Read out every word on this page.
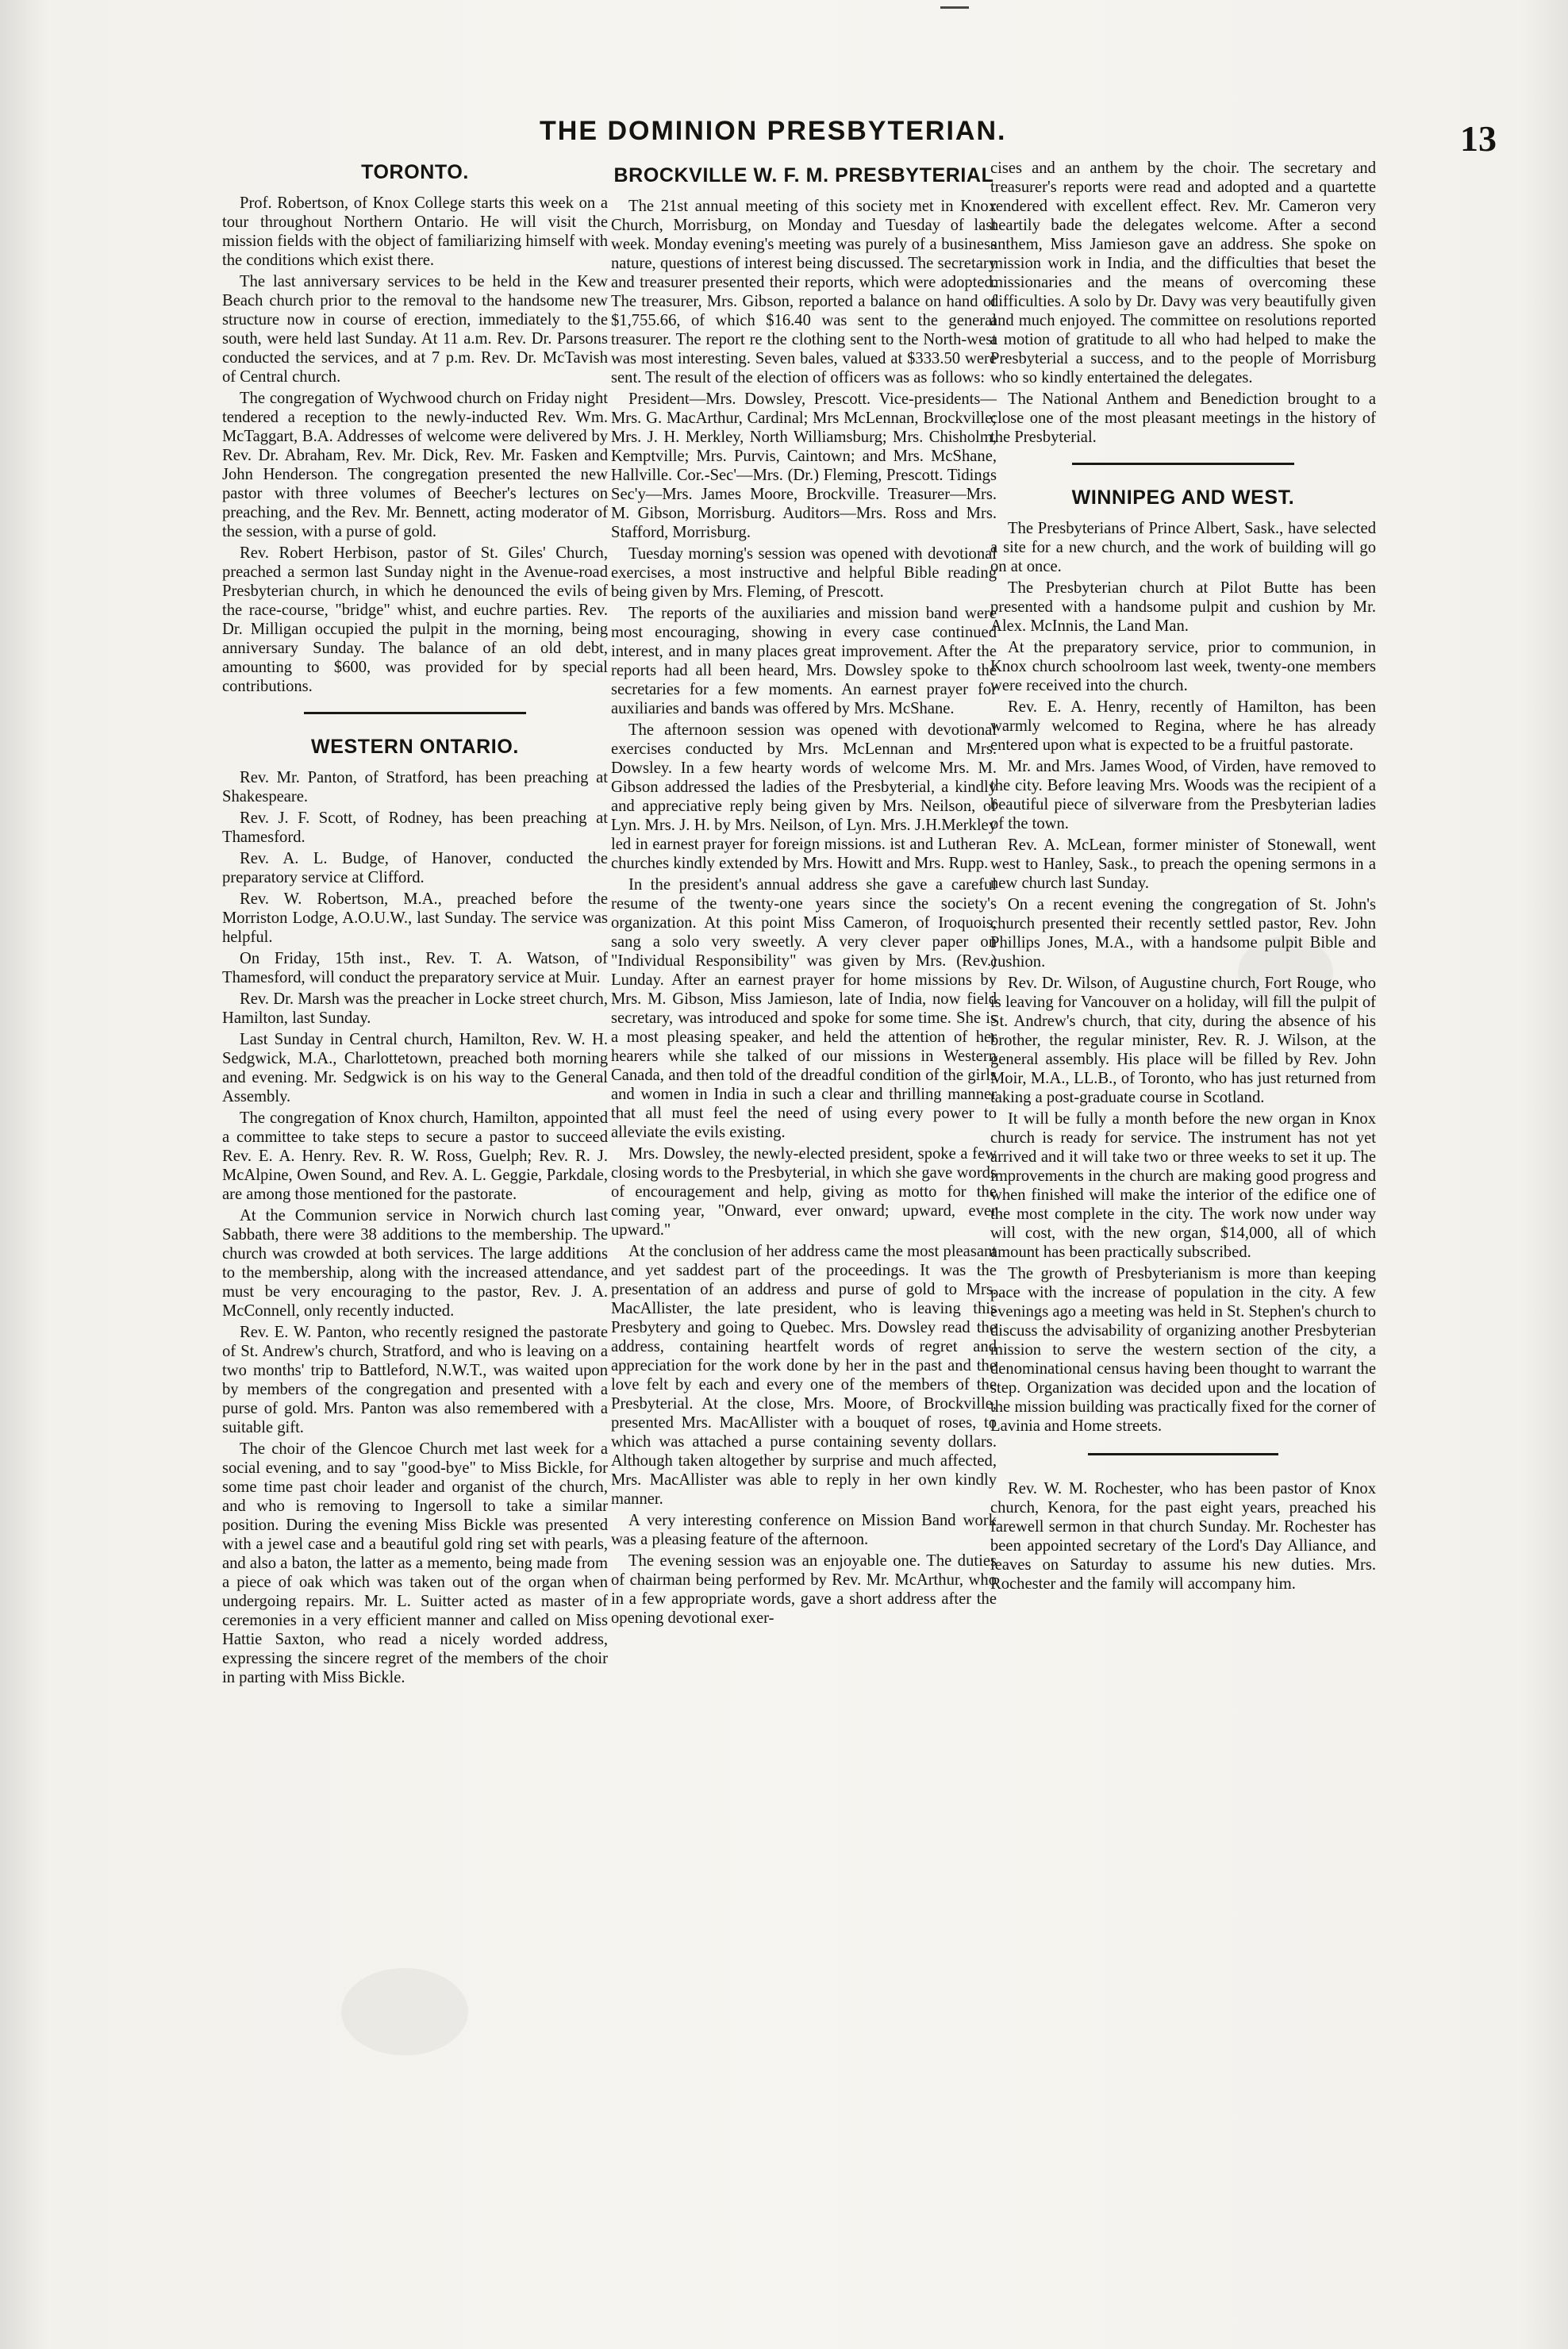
THE DOMINION PRESBYTERIAN.	13
TORONTO.

Prof. Robertson, of Knox College starts this week on a tour throughout Northern Ontario. He will visit the mission fields with the object of familiarizing himself with the conditions which exist there.

The last anniversary services to be held in the Kew Beach church prior to the removal to the handsome new structure now in course of erection, immediately to the south, were held last Sunday. At 11 a.m. Rev. Dr. Parsons conducted the services, and at 7 p.m. Rev. Dr. McTavish of Central church.

The congregation of Wychwood church on Friday night tendered a reception to the newly-inducted Rev. Wm. McTaggart, B.A. Addresses of welcome were delivered by Rev. Dr. Abraham, Rev. Mr. Dick, Rev. Mr. Fasken and John Henderson. The congregation presented the new pastor with three volumes of Beecher's lectures on preaching, and the Rev. Mr. Bennett, acting moderator of the session, with a purse of gold.

Rev. Robert Herbison, pastor of St. Giles' Church, preached a sermon last Sunday night in the Avenue-road Presbyterian church, in which he denounced the evils of the race-course, "bridge" whist, and euchre parties. Rev. Dr. Milligan occupied the pulpit in the morning, being anniversary Sunday. The balance of an old debt, amounting to $600, was provided for by special contributions.

WESTERN ONTARIO.

Rev. Mr. Panton, of Stratford, has been preaching at Shakespeare.

Rev. J. F. Scott, of Rodney, has been preaching at Thamesford.

Rev. A. L. Budge, of Hanover, conducted the preparatory service at Clifford.

Rev. W. Robertson, M.A., preached before the Morriston Lodge, A.O.U.W., last Sunday. The service was helpful.

On Friday, 15th inst., Rev. T. A. Watson, of Thamesford, will conduct the preparatory service at Muir.

Rev. Dr. Marsh was the preacher in Locke street church, Hamilton, last Sunday.

Last Sunday in Central church, Hamilton, Rev. W. H. Sedgwick, M.A., Charlottetown, preached both morning and evening. Mr. Sedgwick is on his way to the General Assembly.

The congregation of Knox church, Hamilton, appointed a committee to take steps to secure a pastor to succeed Rev. E. A. Henry. Rev. R. W. Ross, Guelph; Rev. R. J. McAlpine, Owen Sound, and Rev. A. L. Geggie, Parkdale, are among those mentioned for the pastorate.

At the Communion service in Norwich church last Sabbath, there were 38 additions to the membership. The church was crowded at both services. The large additions to the membership, along with the increased attendance, must be very encouraging to the pastor, Rev. J. A. McConnell, only recently inducted.

Rev. E. W. Panton, who recently resigned the pastorate of St. Andrew's church, Stratford, and who is leaving on a two months' trip to Battleford, N.W.T., was waited upon by members of the congregation and presented with a purse of gold. Mrs. Panton was also remembered with a suitable gift.

The choir of the Glencoe Church met last week for a social evening, and to say "good-bye" to Miss Bickle, for some time past choir leader and organist of the church, and who is removing to Ingersoll to take a similar position. During the evening Miss Bickle was presented with a jewel case and a beautiful gold ring set with pearls, and also a baton, the latter as a memento, being made from a piece of oak which was taken out of the organ when undergoing repairs. Mr. L. Suitter acted as master of ceremonies in a very efficient manner and called on Miss Hattie Saxton, who read a nicely worded address, expressing the sincere regret of the members of the choir in parting with Miss Bickle.

BROCKVILLE W. F. M. PRESBYTERIAL

The 21st annual meeting of this society met in Knox Church, Morrisburg, on Monday and Tuesday of last week. Monday evening's meeting was purely of a business nature, questions of interest being discussed. The secretary and treasurer presented their reports, which were adopted. The treasurer, Mrs. Gibson, reported a balance on hand of $1,755.66, of which $16.40 was sent to the general treasurer. The report re the clothing sent to the North-west was most interesting. Seven bales, valued at $333.50 were sent. The result of the election of officers was as follows:

President—Mrs. Dowsley, Prescott. Vice-presidents—Mrs. G. MacArthur, Cardinal; Mrs McLennan, Brockville; Mrs. J. H. Merkley, North Williamsburg; Mrs. Chisholm, Kemptville; Mrs. Purvis, Caintown; and Mrs. McShane, Hallville. Cor.-Sec'—Mrs. (Dr.) Fleming, Prescott. Tidings Sec'y—Mrs. James Moore, Brockville. Treasurer—Mrs. M. Gibson, Morrisburg. Auditors—Mrs. Ross and Mrs. Stafford, Morrisburg.

Tuesday morning's session was opened with devotional exercises, a most instructive and helpful Bible reading being given by Mrs. Fleming, of Prescott.

The reports of the auxiliaries and mission band were most encouraging, showing in every case continued interest, and in many places great improvement. After the reports had all been heard, Mrs. Dowsley spoke to the secretaries for a few moments. An earnest prayer for auxiliaries and bands was offered by Mrs. McShane.

The afternoon session was opened with devotional exercises conducted by Mrs. McLennan and Mrs. Dowsley. In a few hearty words of welcome Mrs. M. Gibson addressed the ladies of the Presbyterial, a kindly and appreciative reply being given by Mrs. Neilson, of Lyn. Mrs. J. H. by Mrs. Neilson, of Lyn. Mrs. J.H.Merkley led in earnest prayer for foreign missions. ist and Lutheran churches kindly extended by Mrs. Howitt and Mrs. Rupp.

In the president's annual address she gave a careful resume of the twenty-one years since the society's organization. At this point Miss Cameron, of Iroquois, sang a solo very sweetly. A very clever paper on "Individual Responsibility" was given by Mrs. (Rev.) Lunday. After an earnest prayer for home missions by Mrs. M. Gibson, Miss Jamieson, late of India, now field secretary, was introduced and spoke for some time. She is a most pleasing speaker, and held the attention of her hearers while she talked of our missions in Western Canada, and then told of the dreadful condition of the girls and women in India in such a clear and thrilling manner that all must feel the need of using every power to alleviate the evils existing.

Mrs. Dowsley, the newly-elected president, spoke a few closing words to the Presbyterial, in which she gave words of encouragement and help, giving as motto for the coming year, "Onward, ever onward; upward, ever upward."

At the conclusion of her address came the most pleasant and yet saddest part of the proceedings. It was the presentation of an address and purse of gold to Mrs. MacAllister, the late president, who is leaving this Presbytery and going to Quebec. Mrs. Dowsley read the address, containing heartfelt words of regret and appreciation for the work done by her in the past and the love felt by each and every one of the members of the Presbyterial. At the close, Mrs. Moore, of Brockville, presented Mrs. MacAllister with a bouquet of roses, to which was attached a purse containing seventy dollars. Although taken altogether by surprise and much affected, Mrs. MacAllister was able to reply in her own kindly manner.

A very interesting conference on Mission Band work was a pleasing feature of the afternoon.

The evening session was an enjoyable one. The duties of chairman being performed by Rev. Mr. McArthur, who in a few appropriate words, gave a short address after the opening devotional exer-

cises and an anthem by the choir. The secretary and treasurer's reports were read and adopted and a quartette rendered with excellent effect. Rev. Mr. Cameron very heartily bade the delegates welcome. After a second anthem, Miss Jamieson gave an address. She spoke on mission work in India, and the difficulties that beset the missionaries and the means of overcoming these difficulties. A solo by Dr. Davy was very beautifully given and much enjoyed. The committee on resolutions reported a motion of gratitude to all who had helped to make the Presbyterial a success, and to the people of Morrisburg who so kindly entertained the delegates.

The National Anthem and Benediction brought to a close one of the most pleasant meetings in the history of the Presbyterial.

WINNIPEG AND WEST.

The Presbyterians of Prince Albert, Sask., have selected a site for a new church, and the work of building will go on at once.

The Presbyterian church at Pilot Butte has been presented with a handsome pulpit and cushion by Mr. Alex. McInnis, the Land Man.

At the preparatory service, prior to communion, in Knox church schoolroom last week, twenty-one members were received into the church.

Rev. E. A. Henry, recently of Hamilton, has been warmly welcomed to Regina, where he has already entered upon what is expected to be a fruitful pastorate.

Mr. and Mrs. James Wood, of Virden, have removed to the city. Before leaving Mrs. Woods was the recipient of a beautiful piece of silverware from the Presbyterian ladies of the town.

Rev. A. McLean, former minister of Stonewall, went west to Hanley, Sask., to preach the opening sermons in a new church last Sunday.

On a recent evening the congregation of St. John's church presented their recently settled pastor, Rev. John Phillips Jones, M.A., with a handsome pulpit Bible and cushion.

Rev. Dr. Wilson, of Augustine church, Fort Rouge, who is leaving for Vancouver on a holiday, will fill the pulpit of St. Andrew's church, that city, during the absence of his brother, the regular minister, Rev. R. J. Wilson, at the general assembly. His place will be filled by Rev. John Moir, M.A., LL.B., of Toronto, who has just returned from taking a post-graduate course in Scotland.

It will be fully a month before the new organ in Knox church is ready for service. The instrument has not yet arrived and it will take two or three weeks to set it up. The improvements in the church are making good progress and when finished will make the interior of the edifice one of the most complete in the city. The work now under way will cost, with the new organ, $14,000, all of which amount has been practically subscribed.

The growth of Presbyterianism is more than keeping pace with the increase of population in the city. A few evenings ago a meeting was held in St. Stephen's church to discuss the advisability of organizing another Presbyterian mission to serve the western section of the city, a denominational census having been thought to warrant the step. Organization was decided upon and the location of the mission building was practically fixed for the corner of Lavinia and Home streets.

Rev. W. M. Rochester, who has been pastor of Knox church, Kenora, for the past eight years, preached his farewell sermon in that church Sunday. Mr. Rochester has been appointed secretary of the Lord's Day Alliance, and leaves on Saturday to assume his new duties. Mrs. Rochester and the family will accompany him.
